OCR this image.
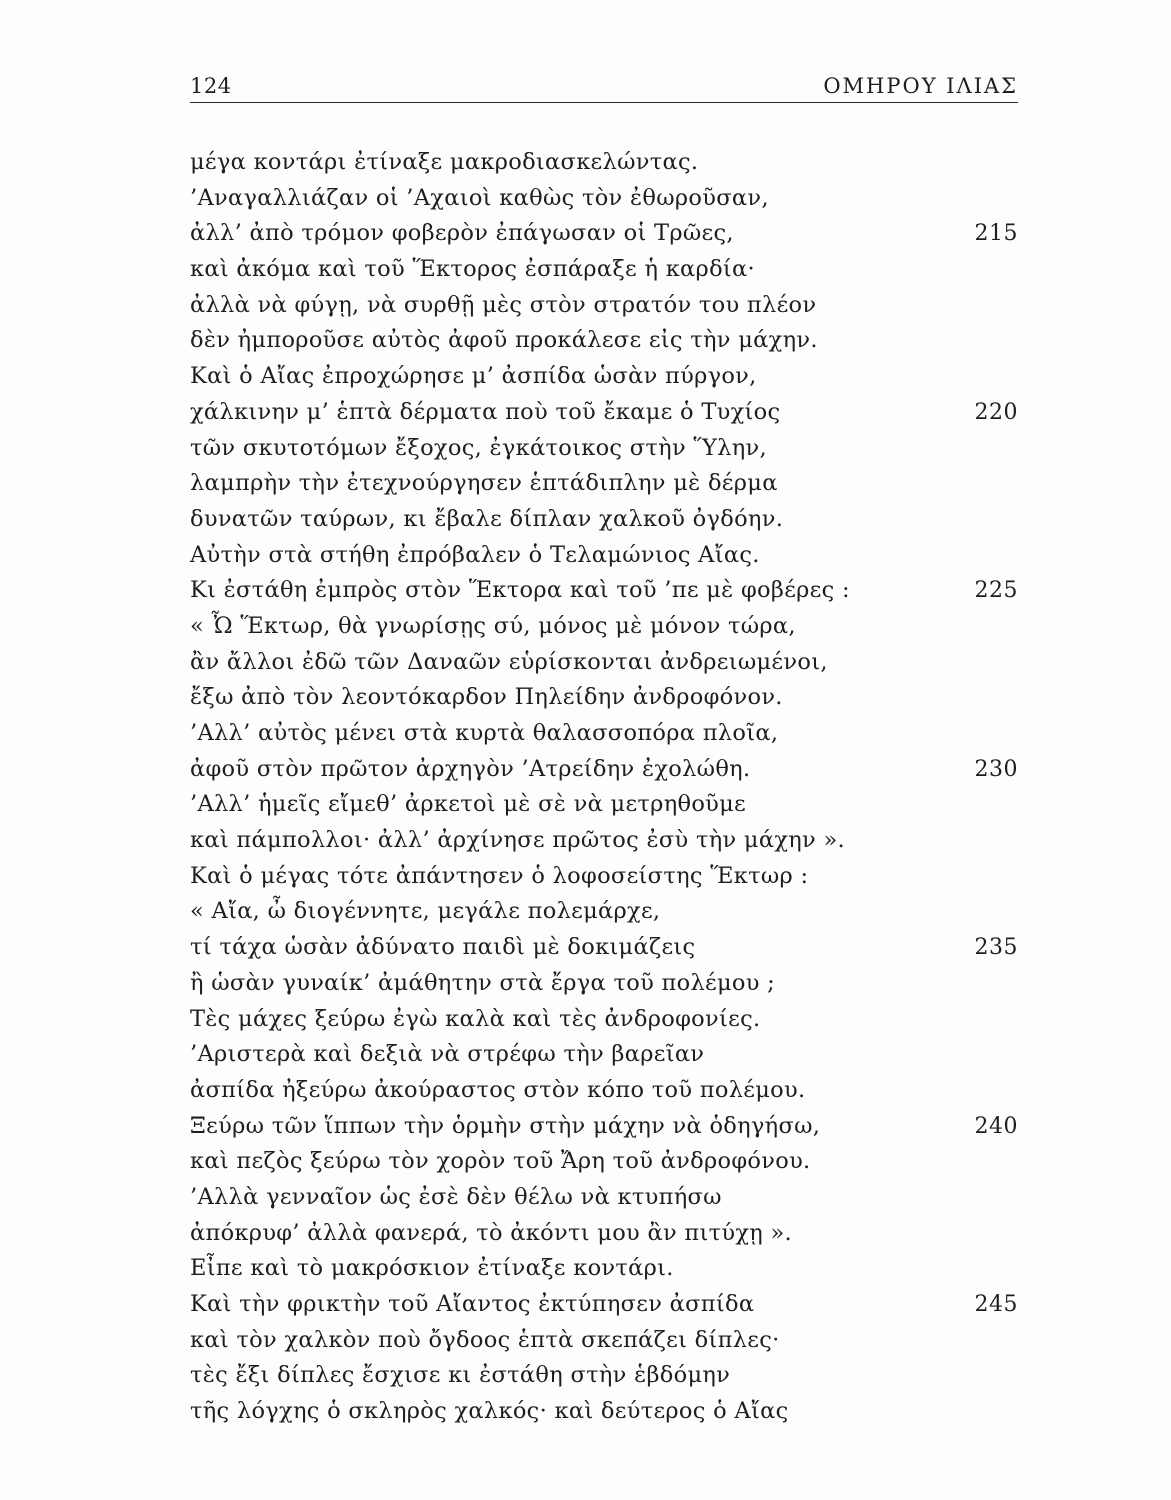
124	ΟΜΗΡΟΥ ΙΛΙΑΣ
μέγα κοντάρι ἐτίναξε μακροδιασκελώντας.
’Αναγαλλιάζαν οἱ ’Αχαιοὶ καθὼς τὸν ἐθωροῦσαν,
ἀλλ’ ἀπὸ τρόμον φοβερὸν ἐπάγωσαν οἱ Τρῶες,	215
καὶ ἀκόμα καὶ τοῦ Ἕκτορος ἐσπάραξε ἡ καρδία·
ἀλλὰ νὰ φύγῃ, νὰ συρθῇ μὲς στὸν στρατόν του πλέον
δὲν ἠμποροῦσε αὐτὸς ἀφοῦ προκάλεσε εἰς τὴν μάχην.
Καὶ ὁ Αἴας ἐπροχώρησε μ’ ἀσπίδα ὡσὰν πύργον,
χάλκινην μ’ ἑπτὰ δέρματα ποὺ τοῦ ἔκαμε ὁ Τυχίος	220
τῶν σκυτοτόμων ἔξοχος, ἐγκάτοικος στὴν Ὕλην,
λαμπρὴν τὴν ἐτεχνούργησεν ἑπτάδιπλην μὲ δέρμα
δυνατῶν ταύρων, κι ἔβαλε δίπλαν χαλκοῦ ὀγδόην.
Αὐτὴν στὰ στήθη ἐπρόβαλεν ὁ Τελαμώνιος Αἴας.
Κι ἐστάθη ἐμπρὸς στὸν Ἕκτορα καὶ τοῦ ’πε μὲ φοβέρες :	225
« Ὦ Ἕκτωρ, θὰ γνωρίσῃς σύ, μόνος μὲ μόνον τώρα,
ἂν ἄλλοι ἐδῶ τῶν Δαναῶν εὑρίσκονται ἀνδρειωμένοι,
ἔξω ἀπὸ τὸν λεοντόκαρδον Πηλείδην ἀνδροφόνον.
’Αλλ’ αὐτὸς μένει στὰ κυρτὰ θαλασσοπόρα πλοῖα,
ἀφοῦ στὸν πρῶτον ἀρχηγὸν ’Ατρείδην ἐχολώθη.	230
’Αλλ’ ἡμεῖς εἴμεθ’ ἀρκετοὶ μὲ σὲ νὰ μετρηθοῦμε
καὶ πάμπολλοι· ἀλλ’ ἀρχίνησε πρῶτος ἐσὺ τὴν μάχην ».
Καὶ ὁ μέγας τότε ἀπάντησεν ὁ λοφοσείστης Ἕκτωρ :
« Αἴα, ὦ διογέννητε, μεγάλε πολεμάρχε,
τί τάχα ὡσὰν ἀδύνατο παιδὶ μὲ δοκιμάζεις	235
ἢ ὡσὰν γυναίκ’ ἀμάθητην στὰ ἔργα τοῦ πολέμου ;
Τὲς μάχες ξεύρω ἐγὼ καλὰ καὶ τὲς ἀνδροφονίες.
’Αριστερὰ καὶ δεξιὰ νὰ στρέφω τὴν βαρεῖαν
ἀσπίδα ἠξεύρω ἀκούραστος στὸν κόπο τοῦ πολέμου.
Ξεύρω τῶν ἵππων τὴν ὁρμὴν στὴν μάχην νὰ ὁδηγήσω,	240
καὶ πεζὸς ξεύρω τὸν χορὸν τοῦ Ἄρη τοῦ ἀνδροφόνου.
’Αλλὰ γενναῖον ὡς ἐσὲ δὲν θέλω νὰ κτυπήσω
ἀπόκρυφ’ ἀλλὰ φανερά, τὸ ἀκόντι μου ἂν πιτύχῃ ».
Εἶπε καὶ τὸ μακρόσκιον ἐτίναξε κοντάρι.
Καὶ τὴν φρικτὴν τοῦ Αἴαντος ἐκτύπησεν ἀσπίδα	245
καὶ τὸν χαλκὸν ποὺ ὄγδοος ἑπτὰ σκεπάζει δίπλες·
τὲς ἔξι δίπλες ἔσχισε κι ἐστάθη στὴν ἑβδόμην
τῆς λόγχης ὁ σκληρὸς χαλκός· καὶ δεύτερος ὁ Αἴας
